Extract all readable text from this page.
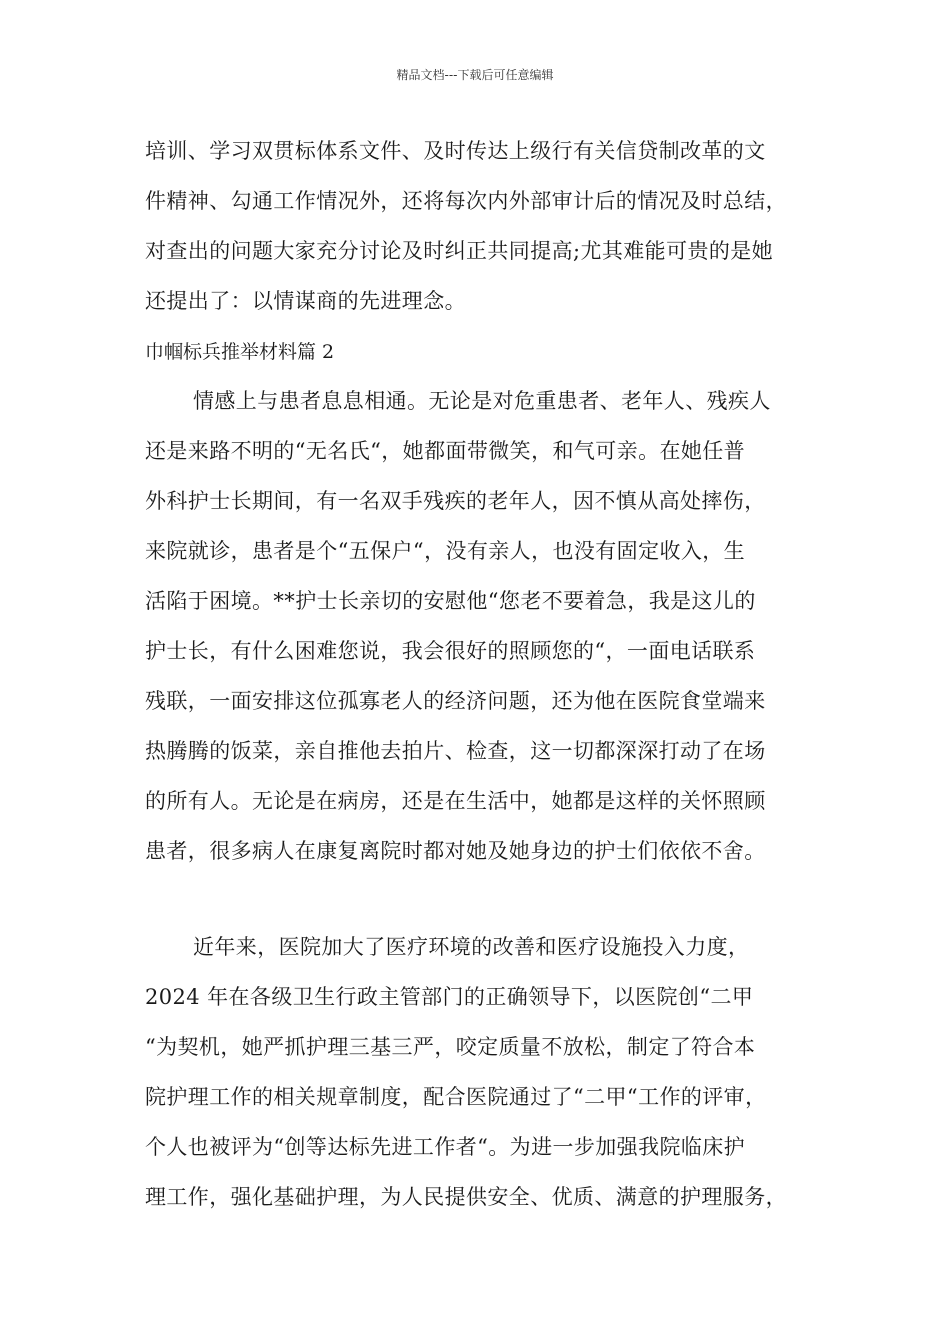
精品文档---下载后可任意编辑
培训、学习双贯标体系文件、及时传达上级行有关信贷制改革的文
件精神、勾通工作情况外，还将每次内外部审计后的情况及时总结，
对查出的问题大家充分讨论及时纠正共同提高;尤其难能可贵的是她
还提出了：以情谋商的先进理念。
巾帼标兵推举材料篇 2
情感上与患者息息相通。无论是对危重患者、老年人、残疾人
还是来路不明的“无名氏“，她都面带微笑，和气可亲。在她任普
外科护士长期间，有一名双手残疾的老年人，因不慎从高处摔伤，
来院就诊，患者是个“五保户“，没有亲人，也没有固定收入，生
活陷于困境。**护士长亲切的安慰他“您老不要着急，我是这儿的
护士长，有什么困难您说，我会很好的照顾您的“，一面电话联系
残联，一面安排这位孤寡老人的经济问题，还为他在医院食堂端来
热腾腾的饭菜，亲自推他去拍片、检查，这一切都深深打动了在场
的所有人。无论是在病房，还是在生活中，她都是这样的关怀照顾
患者，很多病人在康复离院时都对她及她身边的护士们依依不舍。
近年来，医院加大了医疗环境的改善和医疗设施投入力度，
2024 年在各级卫生行政主管部门的正确领导下，以医院创“二甲
“为契机，她严抓护理三基三严，咬定质量不放松，制定了符合本
院护理工作的相关规章制度，配合医院通过了“二甲“工作的评审，
个人也被评为“创等达标先进工作者“。为进一步加强我院临床护
理工作，强化基础护理，为人民提供安全、优质、满意的护理服务，
